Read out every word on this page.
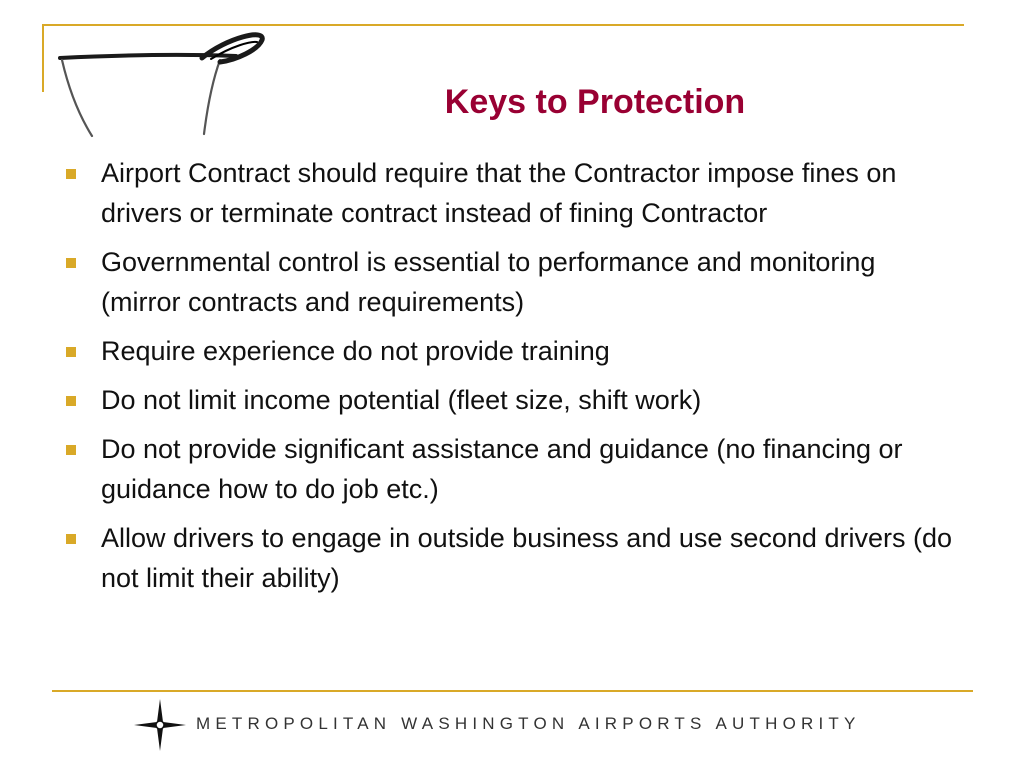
Keys to Protection
Airport Contract should require that the Contractor impose fines on drivers or terminate contract instead of fining Contractor
Governmental control is essential to performance and monitoring (mirror contracts and requirements)
Require experience do not provide training
Do not limit income potential (fleet size, shift work)
Do not provide significant assistance and guidance (no financing or guidance how to do job etc.)
Allow drivers to engage in outside business and use second drivers (do not limit their ability)
METROPOLITAN WASHINGTON AIRPORTS AUTHORITY
